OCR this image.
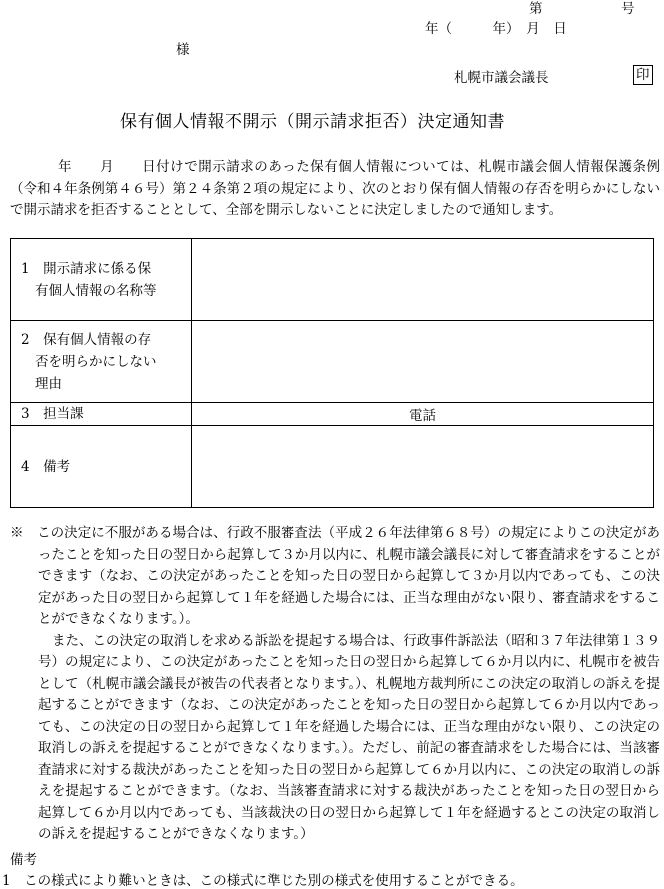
第	号
年（　　　年）　月　日
様
札幌市議会議長	印
保有個人情報不開示（開示請求拒否）決定通知書

年　　月　　日付けで開示請求のあった保有個人情報については、札幌市議会個人情報保護条例（令和４年条例第４６号）第２４条第２項の規定により、次のとおり保有個人情報の存否を明らかにしないで開示請求を拒否することとして、全部を開示しないことに決定しましたので通知します。

1　 開示請求に係る保

有個人情報の名称等	

2　 保有個人情報の存

否を明らかにしない
理由	

3　 担当課	電話
4　 備考	

※　 この決定に不服がある場合は、行政不服審査法（平成２６年法律第６８号）の規定によりこの決定があったことを知った日の翌日から起算して３か月以内に、札幌市議会議長に対して審査請求をすることができます（なお、この決定があったことを知った日の翌日から起算して３か月以内であっても、この決定があった日の翌日から起算して１年を経過した場合には、正当な理由がない限り、審査請求をすることができなくなります。）。

また、この決定の取消しを求める訴訟を提起する場合は、行政事件訴訟法（昭和３７年法律第１３９号）の規定により、この決定があったことを知った日の翌日から起算して６か月以内に、札幌市を被告として（札幌市議会議長が被告の代表者となります。）、札幌地方裁判所にこの決定の取消しの訴えを提起することができます（なお、この決定があったことを知った日の翌日から起算して６か月以内であっても、この決定の日の翌日から起算して１年を経過した場合には、正当な理由がない限り、この決定の取消しの訴えを提起することができなくなります。）。ただし、前記の審査請求をした場合には、当該審査請求に対する裁決があったことを知った日の翌日から起算して６か月以内に、この決定の取消しの訴えを提起することができます。（なお、当該審査請求に対する裁決があったことを知った日の翌日から起算して６か月以内であっても、当該裁決の日の翌日から起算して１年を経過するとこの決定の取消しの訴えを提起することができなくなります。）

備考
1　 この様式により難いときは、この様式に準じた別の様式を使用することができる。
